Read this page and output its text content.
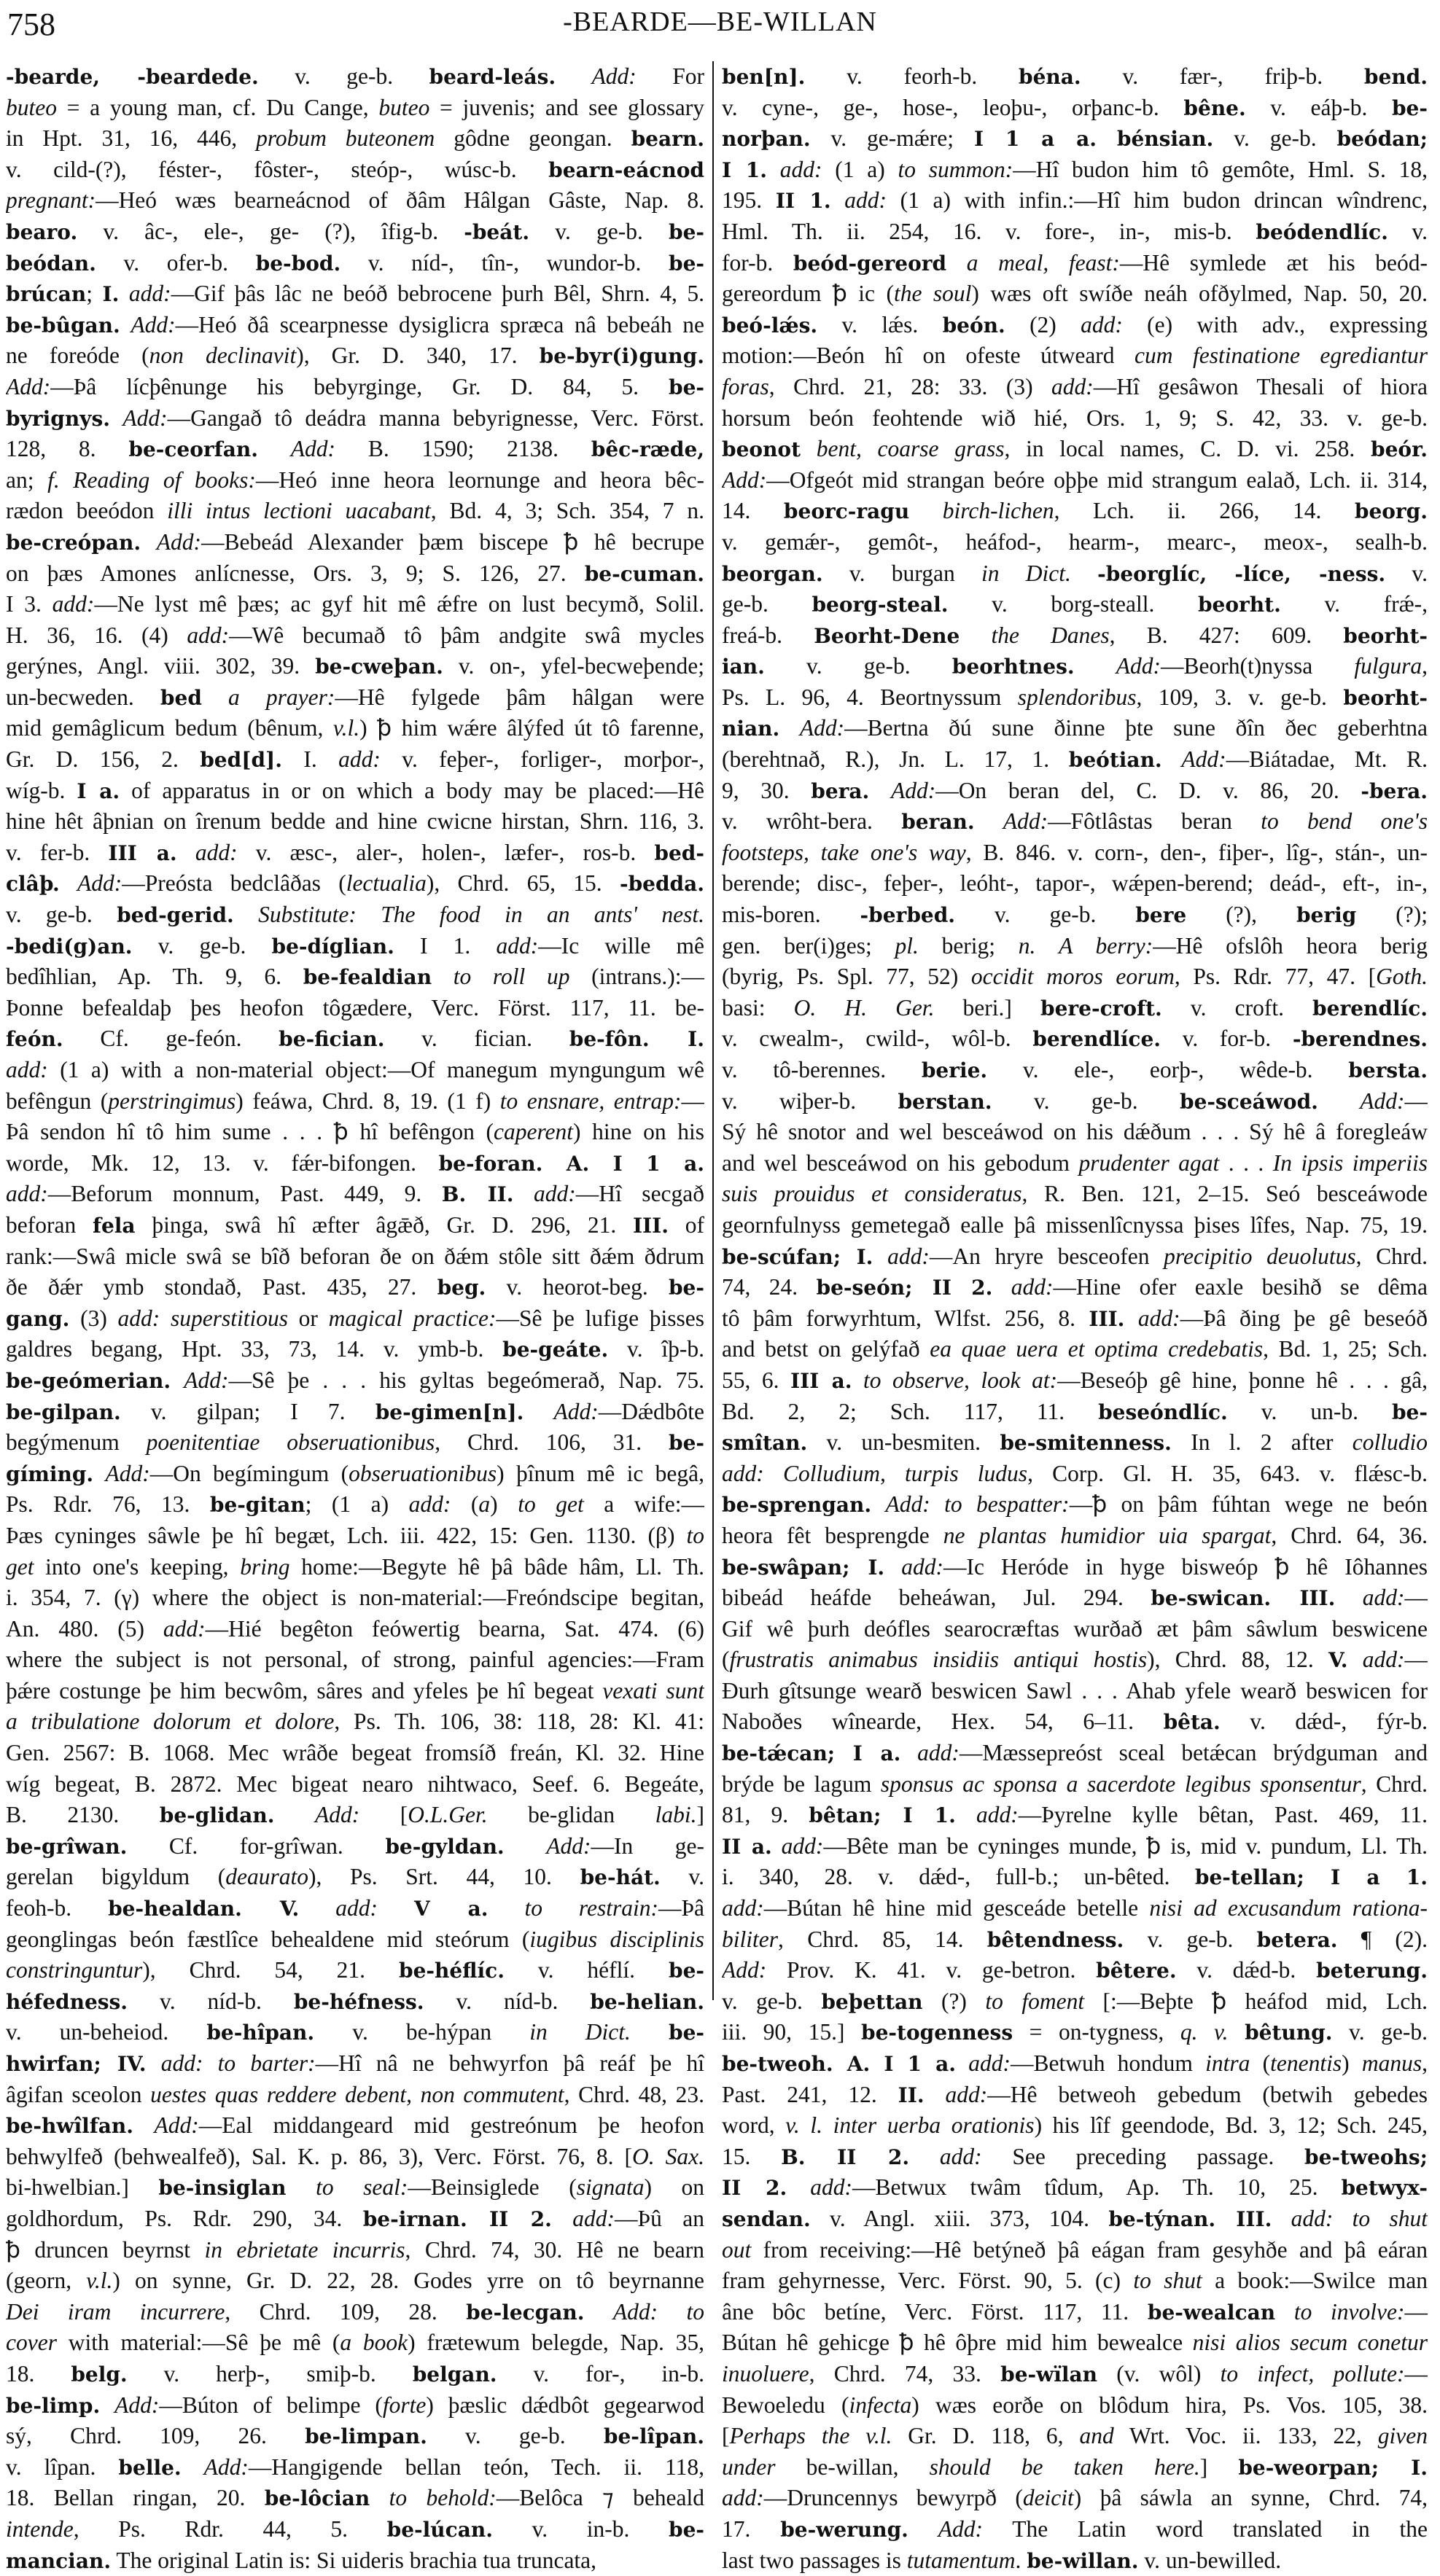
758	-BEARDE—BE-WILLAN
-bearde, -beardede. v. ge-b. beard-leás. Add: For
buteo = a young man, cf. Du Cange, buteo = juvenis; and see glossary
in Hpt. 31, 16, 446, probum buteonem gôdne geongan. bearn.
v. cild-(?), féster-, fôster-, steóp-, wúsc-b. bearn-eácnod
pregnant:—Heó wæs bearneácnod of ðâm Hâlgan Gâste, Nap. 8.
bearo. v. âc-, ele-, ge- (?), îfig-b. -beát. v. ge-b. be-
beódan. v. ofer-b. be-bod. v. níd-, tîn-, wundor-b. be-
brúcan; I. add:—Gif þâs lâc ne beóð bebrocene þurh Bêl, Shrn. 4, 5.
be-bûgan. Add:—Heó ðâ scearpnesse dysiglicra spræca nâ bebeáh ne
ne foreóde (non declinavit), Gr. D. 340, 17. be-byr(i)gung.
Add:—Þâ lícþênunge his bebyrginge, Gr. D. 84, 5. be-
byrignys. Add:—Gangað tô deádra manna bebyrignesse, Verc. Först.
128, 8. be-ceorfan. Add: B. 1590; 2138. bêc-ræde,
an; f. Reading of books:—Heó inne heora leornunge and heora bêc-
rædon beeódon illi intus lectioni uacabant, Bd. 4, 3; Sch. 354, 7 n.
be-creópan. Add:—Bebeád Alexander þæm biscepe ꝥ hê becrupe
on þæs Amones anlícnesse, Ors. 3, 9; S. 126, 27. be-cuman.
I 3. add:—Ne lyst mê þæs; ac gyf hit mê ǽfre on lust becymð, Solil.
H. 36, 16. (4) add:—Wê becumað tô þâm andgite swâ mycles
gerýnes, Angl. viii. 302, 39. be-cweþan. v. on-, yfel-becweþende;
un-becweden. bed a prayer:—Hê fylgede þâm hâlgan were
mid gemâglicum bedum (bênum, v.l.) ꝥ him wǽre âlýfed út tô farenne,
Gr. D. 156, 2. bed[d]. I. add: v. feþer-, forliger-, morþor-,
wíg-b. I a. of apparatus in or on which a body may be placed:—Hê
hine hêt âþnian on îrenum bedde and hine cwicne hirstan, Shrn. 116, 3.
v. fer-b. III a. add: v. æsc-, aler-, holen-, læfer-, ros-b. bed-
clâþ. Add:—Preósta bedclâðas (lectualia), Chrd. 65, 15. -bedda.
v. ge-b. bed-gerid. Substitute: The food in an ants' nest.
-bedi(g)an. v. ge-b. be-díglian. I 1. add:—Ic wille mê
bedîhlian, Ap. Th. 9, 6. be-fealdian to roll up (intrans.):—
Þonne befealdaþ þes heofon tôgædere, Verc. Först. 117, 11. be-
feón. Cf. ge-feón. be-fician. v. fician. be-fôn. I.
add: (1 a) with a non-material object:—Of manegum myngungum wê
befêngun (perstringimus) feáwa, Chrd. 8, 19. (1 f) to ensnare, entrap:—
Þâ sendon hî tô him sume . . . ꝥ hî befêngon (caperent) hine on his
worde, Mk. 12, 13. v. fǽr-bifongen. be-foran. A. I 1 a.
add:—Beforum monnum, Past. 449, 9. B. II. add:—Hî secgað
beforan fela þinga, swâ hî æfter âgǣð, Gr. D. 296, 21. III. of
rank:—Swâ micle swâ se bîð beforan ðe on ðǽm stôle sitt ðǽm ðdrum
ðe ðǽr ymb stondað, Past. 435, 27. beg. v. heorot-beg. be-
gang. (3) add: superstitious or magical practice:—Sê þe lufige þisses
galdres begang, Hpt. 33, 73, 14. v. ymb-b. be-geáte. v. îþ-b.
be-geómerian. Add:—Sê þe . . . his gyltas begeómerað, Nap. 75.
be-gilpan. v. gilpan; I 7. be-gimen[n]. Add:—Dǽdbôte
begýmenum poenitentiae obseruationibus, Chrd. 106, 31. be-
gíming. Add:—On begímingum (obseruationibus) þînum mê ic begâ,
Ps. Rdr. 76, 13. be-gitan; (1 a) add: (a) to get a wife:—
Þæs cyninges sâwle þe hî begæt, Lch. iii. 422, 15: Gen. 1130. (β) to
get into one's keeping, bring home:—Begyte hê þâ bâde hâm, Ll. Th.
i. 354, 7. (γ) where the object is non-material:—Freóndscipe begitan,
An. 480. (5) add:—Hié begêton feówertig bearna, Sat. 474. (6)
where the subject is not personal, of strong, painful agencies:—Fram
þǽre costunge þe him becwôm, sâres and yfeles þe hî begeat vexati sunt
a tribulatione dolorum et dolore, Ps. Th. 106, 38: 118, 28: Kl. 41:
Gen. 2567: B. 1068. Mec wrâðe begeat fromsíð freán, Kl. 32. Hine
wíg begeat, B. 2872. Mec bigeat nearo nihtwaco, Seef. 6. Begeáte,
B. 2130. be-glidan. Add: [O.L.Ger. be-glidan labi.]
be-grîwan. Cf. for-grîwan. be-gyldan. Add:—In ge-
gerelan bigyldum (deaurato), Ps. Srt. 44, 10. be-hát. v.
feoh-b. be-healdan. V. add: V a. to restrain:—Þâ
geonglingas beón fæstlîce behealdene mid steórum (iugibus disciplinis
constringuntur), Chrd. 54, 21. be-héflíc. v. héflí. be-
héfedness. v. níd-b. be-héfness. v. níd-b. be-helian.
v. un-beheiod. be-hîpan. v. be-hýpan in Dict. be-
hwirfan; IV. add: to barter:—Hî nâ ne behwyrfon þâ reáf þe hî
âgifan sceolon uestes quas reddere debent, non commutent, Chrd. 48, 23.
be-hwîlfan. Add:—Eal middangeard mid gestreónum þe heofon
behwylfeð (behwealfeð), Sal. K. p. 86, 3), Verc. Först. 76, 8. [O. Sax.
bi-hwelbian.] be-insiglan to seal:—Beinsiglede (signata) on
goldhordum, Ps. Rdr. 290, 34. be-irnan. II 2. add:—Þû an
ꝥ druncen beyrnst in ebrietate incurris, Chrd. 74, 30. Hê ne bearn
(georn, v.l.) on synne, Gr. D. 22, 28. Godes yrre on tô beyrnanne
Dei iram incurrere, Chrd. 109, 28. be-lecgan. Add: to
cover with material:—Sê þe mê (a book) frætewum belegde, Nap. 35,
18. belg. v. herþ-, smiþ-b. belgan. v. for-, in-b.
be-limp. Add:—Búton of belimpe (forte) þæslic dǽdbôt gegearwod
sý, Chrd. 109, 26. be-limpan. v. ge-b. be-lîpan.
v. lîpan. belle. Add:—Hangigende bellan teón, Tech. ii. 118,
18. Bellan ringan, 20. be-lôcian to behold:—Belôca ⁊ beheald
intende, Ps. Rdr. 44, 5. be-lúcan. v. in-b. be-
mancian. The original Latin is: Si uideris brachia tua truncata,
ben[n]. v. feorh-b. béna. v. fær-, friþ-b. bend.
v. cyne-, ge-, hose-, leoþu-, orþanc-b. bêne. v. eáþ-b. be-
norþan. v. ge-mǽre; I 1 a a. bénsian. v. ge-b. beódan;
I 1. add: (1 a) to summon:—Hî budon him tô gemôte, Hml. S. 18,
195. II 1. add: (1 a) with infin.:—Hî him budon drincan wîndrenc,
Hml. Th. ii. 254, 16. v. fore-, in-, mis-b. beódendlíc. v.
for-b. beód-gereord a meal, feast:—Hê symlede æt his beód-
gereordum ꝥ ic (the soul) wæs oft swíðe neáh ofðylmed, Nap. 50, 20.
beó-lǽs. v. lǽs. beón. (2) add: (e) with adv., expressing
motion:—Beón hî on ofeste útweard cum festinatione egrediantur
foras, Chrd. 21, 28: 33. (3) add:—Hî gesâwon Thesali of hiora
horsum beón feohtende wið hié, Ors. 1, 9; S. 42, 33. v. ge-b.
beonot bent, coarse grass, in local names, C. D. vi. 258. beór.
Add:—Ofgeót mid strangan beóre oþþe mid strangum ealað, Lch. ii. 314,
14. beorc-ragu birch-lichen, Lch. ii. 266, 14. beorg.
v. gemǽr-, gemôt-, heáfod-, hearm-, mearc-, meox-, sealh-b.
beorgan. v. burgan in Dict. -beorglíc, -líce, -ness. v.
ge-b. beorg-steal. v. borg-steall. beorht. v. frǽ-,
freá-b. Beorht-Dene the Danes, B. 427: 609. beorht-
ian. v. ge-b. beorhtnes. Add:—Beorh(t)nyssa fulgura,
Ps. L. 96, 4. Beortnyssum splendoribus, 109, 3. v. ge-b. beorht-
nian. Add:—Bertna ðú sune ðinne þte sune ðîn ðec geberhtna
(berehtnað, R.), Jn. L. 17, 1. beótian. Add:—Biátadae, Mt. R.
9, 30. bera. Add:—On beran del, C. D. v. 86, 20. -bera.
v. wrôht-bera. beran. Add:—Fôtlâstas beran to bend one's
footsteps, take one's way, B. 846. v. corn-, den-, fiþer-, lîg-, stán-, un-
berende; disc-, feþer-, leóht-, tapor-, wǽpen-berend; deád-, eft-, in-,
mis-boren. -berbed. v. ge-b. bere (?), berig (?);
gen. ber(i)ges; pl. berig; n. A berry:—Hê ofslôh heora berig
(byrig, Ps. Spl. 77, 52) occidit moros eorum, Ps. Rdr. 77, 47. [Goth.
basi: O. H. Ger. beri.] bere-croft. v. croft. berendlíc.
v. cwealm-, cwild-, wôl-b. berendlíce. v. for-b. -berendnes.
v. tô-berennes. berie. v. ele-, eorþ-, wêde-b. bersta.
v. wiþer-b. berstan. v. ge-b. be-sceáwod. Add:—
Sý hê snotor and wel besceáwod on his dǽðum . . . Sý hê â foregleáw
and wel besceáwod on his gebodum prudenter agat . . . In ipsis imperiis
suis prouidus et consideratus, R. Ben. 121, 2–15. Seó besceáwode
geornfulnyss gemetegað ealle þâ missenlîcnyssa þises lîfes, Nap. 75, 19.
be-scúfan; I. add:—An hryre besceofen precipitio deuolutus, Chrd.
74, 24. be-seón; II 2. add:—Hine ofer eaxle besihð se dêma
tô þâm forwyrhtum, Wlfst. 256, 8. III. add:—Þâ ðing þe gê beseóð
and betst on gelýfað ea quae uera et optima credebatis, Bd. 1, 25; Sch.
55, 6. III a. to observe, look at:—Beseóþ gê hine, þonne hê . . . gâ,
Bd. 2, 2; Sch. 117, 11. beseóndlíc. v. un-b. be-
smîtan. v. un-besmiten. be-smitenness. In l. 2 after colludio
add: Colludium, turpis ludus, Corp. Gl. H. 35, 643. v. flǽsc-b.
be-sprengan. Add: to bespatter:—ꝥ on þâm fúhtan wege ne beón
heora fêt besprengde ne plantas humidior uia spargat, Chrd. 64, 36.
be-swâpan; I. add:—Ic Heróde in hyge bisweóp ꝥ hê Iôhannes
bibeád heáfde beheáwan, Jul. 294. be-swican. III. add:—
Gif wê þurh deófles searocræftas wurðað æt þâm sâwlum beswicene
(frustratis animabus insidiis antiqui hostis), Chrd. 88, 12. V. add:—
Ðurh gîtsunge wearð beswicen Sawl . . . Ahab yfele wearð beswicen for
Naboðes wînearde, Hex. 54, 6–11. bêta. v. dǽd-, fýr-b.
be-tǽcan; I a. add:—Mæssepreóst sceal betǽcan brýdguman and
brýde be lagum sponsus ac sponsa a sacerdote legibus sponsentur, Chrd.
81, 9. bêtan; I 1. add:—Þyrelne kylle bêtan, Past. 469, 11.
II a. add:—Bête man be cyninges munde, ꝥ is, mid v. pundum, Ll. Th.
i. 340, 28. v. dǽd-, full-b.; un-bêted. be-tellan; I a 1.
add:—Bútan hê hine mid gesceáde betelle nisi ad excusandum rationa-
biliter, Chrd. 85, 14. bêtendness. v. ge-b. betera. ¶ (2).
Add: Prov. K. 41. v. ge-betron. bêtere. v. dǽd-b. beterung.
v. ge-b. beþettan (?) to foment [:—Beþte ꝥ heáfod mid, Lch.
iii. 90, 15.] be-togenness = on-tygness, q. v. bêtung. v. ge-b.
be-tweoh. A. I 1 a. add:—Betwuh hondum intra (tenentis) manus,
Past. 241, 12. II. add:—Hê betweoh gebedum (betwih gebedes
word, v. l. inter uerba orationis) his lîf geendode, Bd. 3, 12; Sch. 245,
15. B. II 2. add: See preceding passage. be-tweohs;
II 2. add:—Betwux twâm tîdum, Ap. Th. 10, 25. betwyx-
sendan. v. Angl. xiii. 373, 104. be-týnan. III. add: to shut
out from receiving:—Hê betýneð þâ eágan fram gesyhðe and þâ eáran
fram gehyrnesse, Verc. Först. 90, 5. (c) to shut a book:—Swilce man
âne bôc betíne, Verc. Först. 117, 11. be-wealcan to involve:—
Bútan hê gehicge ꝥ hê ôþre mid him bewealce nisi alios secum conetur
inuoluere, Chrd. 74, 33. be-wïlan (v. wôl) to infect, pollute:—
Bewoeledu (infecta) wæs eorðe on blôdum hira, Ps. Vos. 105, 38.
[Perhaps the v.l. Gr. D. 118, 6, and Wrt. Voc. ii. 133, 22, given
under be-willan, should be taken here.] be-weorpan; I.
add:—Druncennys bewyrpð (deicit) þâ sáwla an synne, Chrd. 74,
17. be-werung. Add: The Latin word translated in the
last two passages is tutamentum. be-willan. v. un-bewilled.
